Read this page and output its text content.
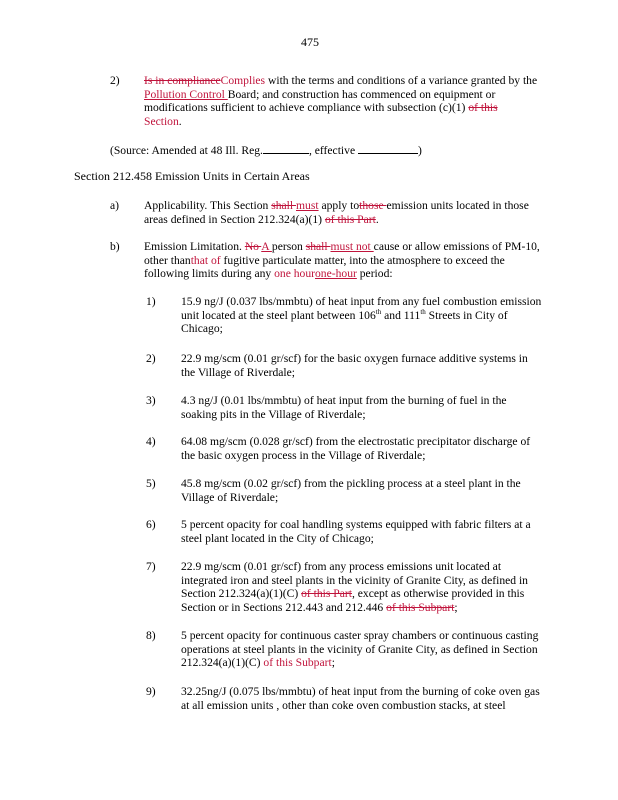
475
2) Is in complianceComplies with the terms and conditions of a variance granted by the Pollution Control Board; and construction has commenced on equipment or modifications sufficient to achieve compliance with subsection (c)(1) of this
Section.
(Source: Amended at 48 Ill. Reg.	, effective	)
Section 212.458 Emission Units in Certain Areas
a) Applicability. This Section shall must apply tothose emission units located in those areas defined in Section 212.324(a)(1) of this Part.
b) Emission Limitation. No A person shall must not cause or allow emissions of PM-10, other thanthat of fugitive particulate matter, into the atmosphere to exceed the following limits during any one hourone-hour period:
1) 15.9 ng/J (0.037 lbs/mmbtu) of heat input from any fuel combustion emission unit located at the steel plant between 106th and 111th Streets in City of Chicago;
2) 22.9 mg/scm (0.01 gr/scf) for the basic oxygen furnace additive systems in the Village of Riverdale;
3) 4.3 ng/J (0.01 lbs/mmbtu) of heat input from the burning of fuel in the soaking pits in the Village of Riverdale;
4) 64.08 mg/scm (0.028 gr/scf) from the electrostatic precipitator discharge of the basic oxygen process in the Village of Riverdale;
5) 45.8 mg/scm (0.02 gr/scf) from the pickling process at a steel plant in the Village of Riverdale;
6) 5 percent opacity for coal handling systems equipped with fabric filters at a steel plant located in the City of Chicago;
7) 22.9 mg/scm (0.01 gr/scf) from any process emissions unit located at integrated iron and steel plants in the vicinity of Granite City, as defined in Section 212.324(a)(1)(C) of this Part, except as otherwise provided in this Section or in Sections 212.443 and 212.446 of this Subpart;
8) 5 percent opacity for continuous caster spray chambers or continuous casting operations at steel plants in the vicinity of Granite City, as defined in Section 212.324(a)(1)(C) of this Subpart;
9) 32.25ng/J (0.075 lbs/mmbtu) of heat input from the burning of coke oven gas at all emission units , other than coke oven combustion stacks, at steel
